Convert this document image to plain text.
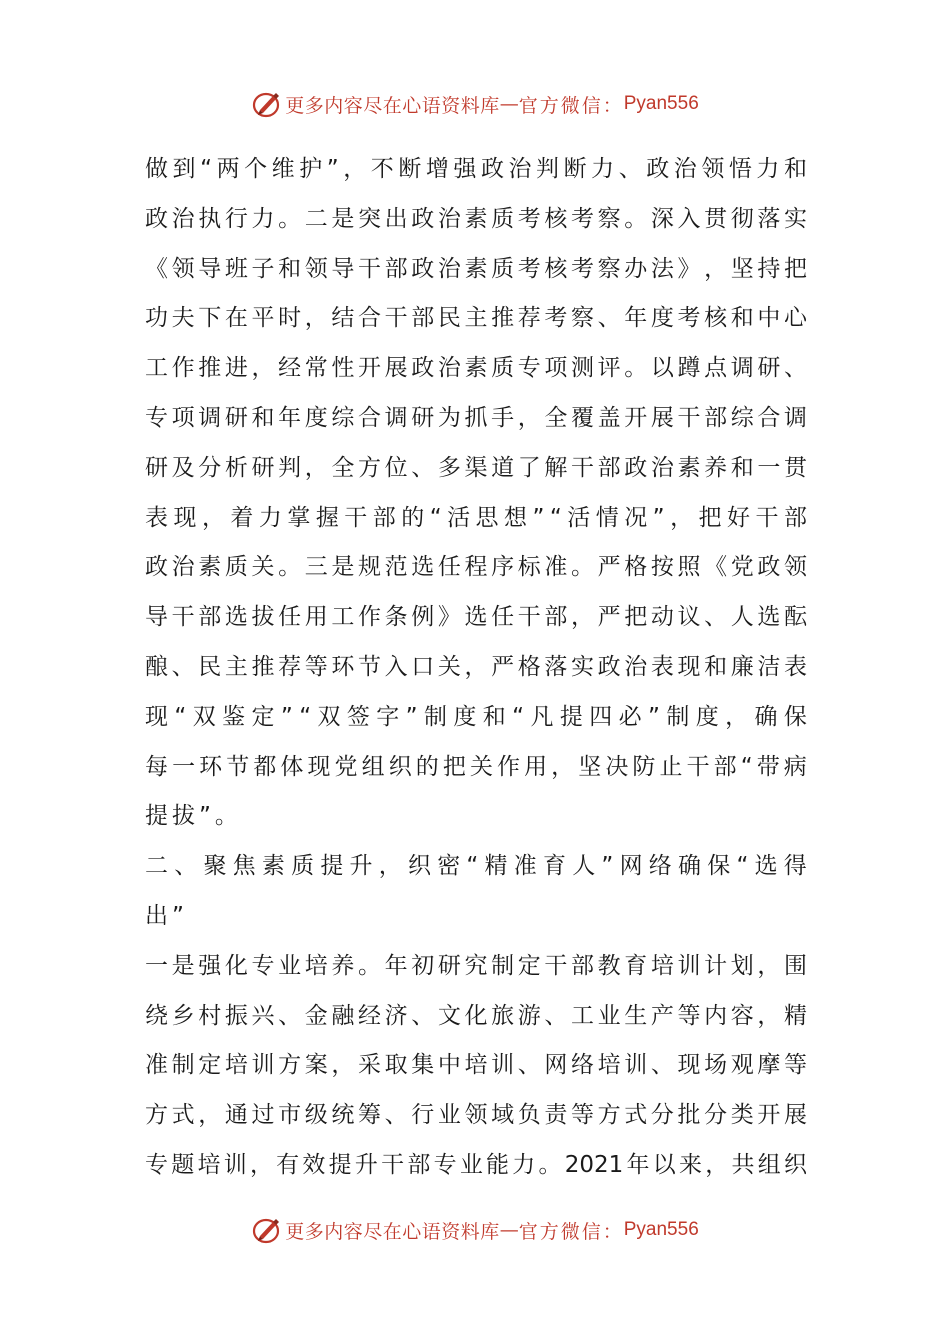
更多内容尽在心语资料库 — 官方微信： Pyan556
做 到 “ 两 个 维 护 ” ， 不 断 增 强 政 治 判 断 力 、 政 治 领 悟 力 和
政 治 执 行 力 。 二 是 突 出 政 治 素 质 考 核 考 察 。 深 入 贯 彻 落 实
《 领 导 班 子 和 领 导 干 部 政 治 素 质 考 核 考 察 办 法 》 ， 坚 持 把
功 夫 下 在 平 时 ， 结 合 干 部 民 主 推 荐 考 察 、 年 度 考 核 和 中 心
工 作 推 进 ， 经 常 性 开 展 政 治 素 质 专 项 测 评 。 以 蹲 点 调 研 、
专 项 调 研 和 年 度 综 合 调 研 为 抓 手 ， 全 覆 盖 开 展 干 部 综 合 调
研 及 分 析 研 判 ， 全 方 位 、 多 渠 道 了 解 干 部 政 治 素 养 和 一 贯
表 现 ， 着 力 掌 握 干 部 的 “ 活 思 想 ” “ 活 情 况 ” ， 把 好 干 部
政 治 素 质 关 。 三 是 规 范 选 任 程 序 标 准 。 严 格 按 照 《 党 政 领
导 干 部 选 拔 任 用 工 作 条 例 》 选 任 干 部 ， 严 把 动 议 、 人 选 酝
酿 、 民 主 推 荐 等 环 节 入 口 关 ， 严 格 落 实 政 治 表 现 和 廉 洁 表
现 “ 双 鉴 定 ” “ 双 签 字 ” 制 度 和 “ 凡 提 四 必 ” 制 度 ， 确 保
每 一 环 节 都 体 现 党 组 织 的 把 关 作 用 ， 坚 决 防 止 干 部 “ 带 病
提 拔 ” 。
二 、 聚 焦 素 质 提 升 ， 织 密 “ 精 准 育 人 ” 网 络 确 保 “ 选 得
出 ”
一 是 强 化 专 业 培 养 。 年 初 研 究 制 定 干 部 教 育 培 训 计 划 ， 围
绕 乡 村 振 兴 、 金 融 经 济 、 文 化 旅 游 、 工 业 生 产 等 内 容 ， 精
准 制 定 培 训 方 案 ， 采 取 集 中 培 训 、 网 络 培 训 、 现 场 观 摩 等
方 式 ， 通 过 市 级 统 筹 、 行 业 领 域 负 责 等 方 式 分 批 分 类 开 展
专 题 培 训 ， 有 效 提 升 干 部 专 业 能 力 。 2021 年 以 来 ， 共 组 织
更多内容尽在心语资料库 — 官方微信： Pyan556
